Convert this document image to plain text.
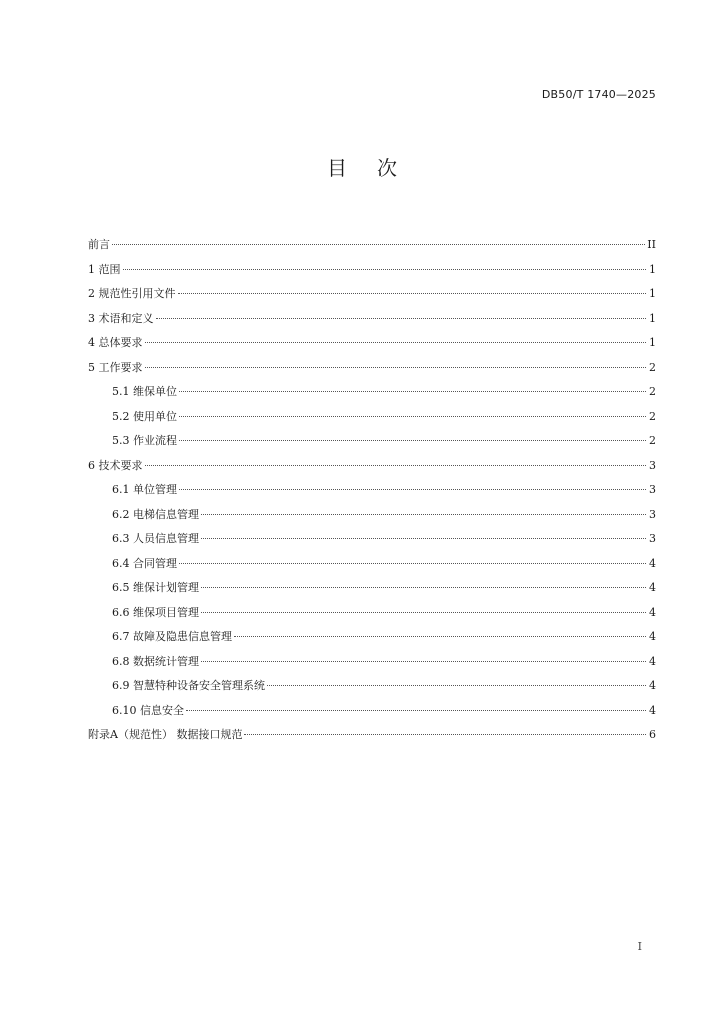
DB50/T 1740—2025
目次
前言	II
1 范围	1
2 规范性引用文件	1
3 术语和定义	1
4 总体要求	1
5 工作要求	2
5.1 维保单位	2
5.2 使用单位	2
5.3 作业流程	2
6 技术要求	3
6.1 单位管理	3
6.2 电梯信息管理	3
6.3 人员信息管理	3
6.4 合同管理	4
6.5 维保计划管理	4
6.6 维保项目管理	4
6.7 故障及隐患信息管理	4
6.8 数据统计管理	4
6.9 智慧特种设备安全管理系统	4
6.10 信息安全	4
附录A（规范性） 数据接口规范	6
I
